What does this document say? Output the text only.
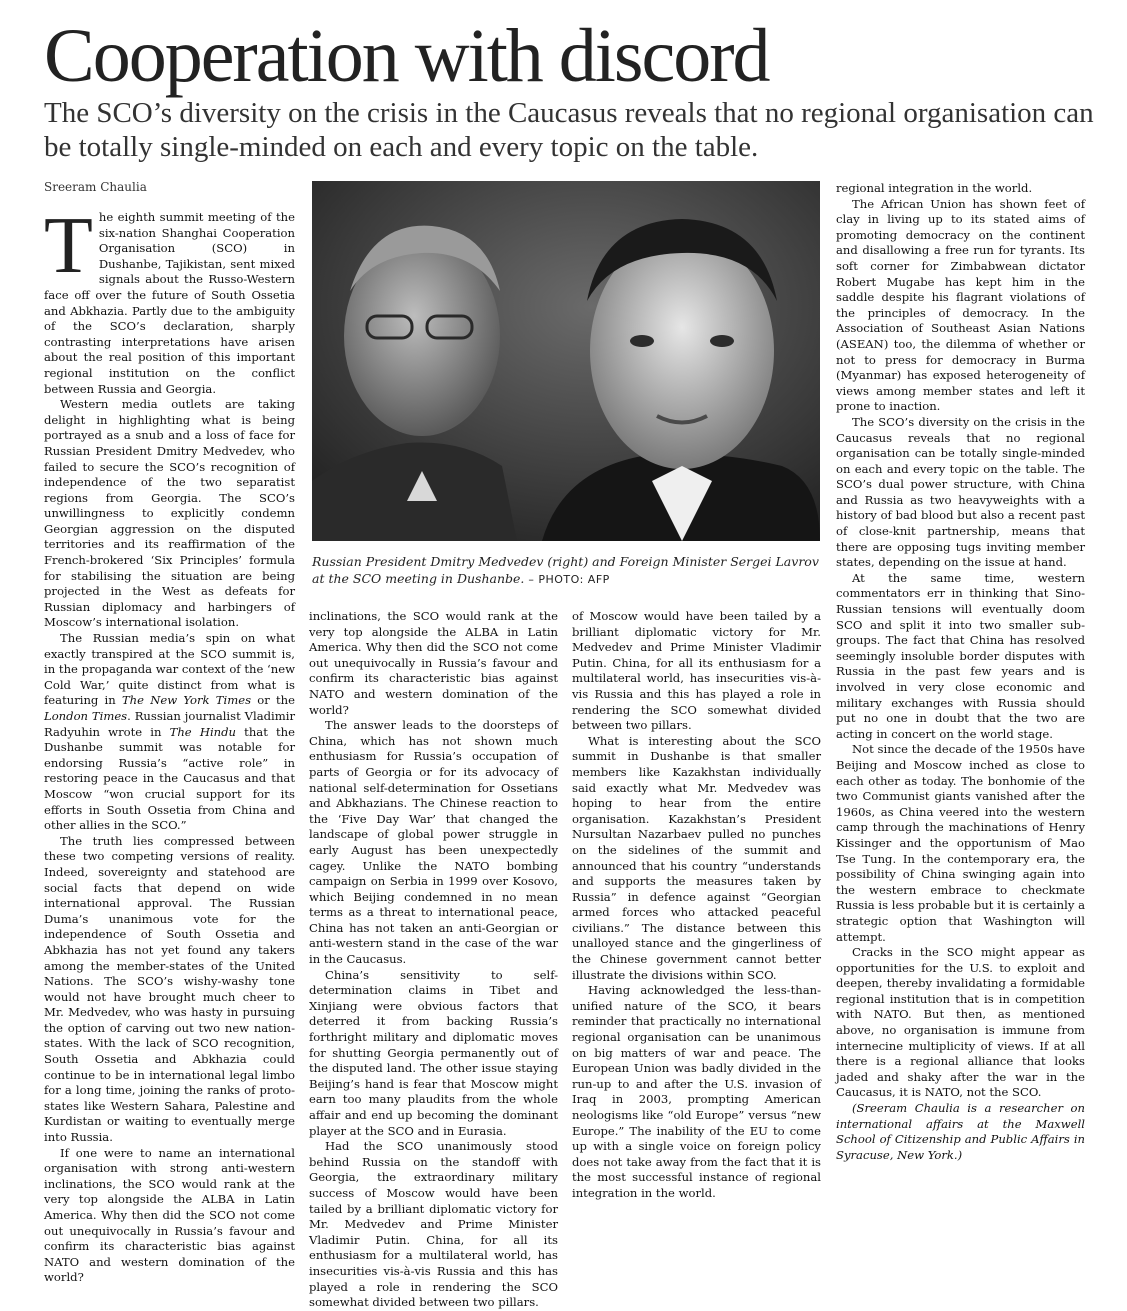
Cooperation with discord
The SCO’s diversity on the crisis in the Caucasus reveals that no regional organisation can be totally single-minded on each and every topic on the table.
Sreeram Chaulia

The eighth summit meeting of the six-nation Shanghai Cooperation Organisation (SCO) in Dushanbe, Tajikistan, sent mixed signals about the Russo-Western face off over the future of South Ossetia and Abkhazia. Partly due to the ambiguity of the SCO’s declaration, sharply contrasting interpretations have arisen about the real position of this important regional institution on the conflict between Russia and Georgia.

Western media outlets are taking delight in highlighting what is being portrayed as a snub and a loss of face for Russian President Dmitry Medvedev, who failed to secure the SCO’s recognition of independence of the two separatist regions from Georgia. The SCO’s unwillingness to explicitly condemn Georgian aggression on the disputed territories and its reaffirmation of the French-brokered ‘Six Principles’ formula for stabilising the situation are being projected in the West as defeats for Russian diplomacy and harbingers of Moscow’s international isolation.

The Russian media’s spin on what exactly transpired at the SCO summit is, in the propaganda war context of the ‘new Cold War,’ quite distinct from what is featuring in The New York Times or the London Times. Russian journalist Vladimir Radyuhin wrote in The Hindu that the Dushanbe summit was notable for endorsing Russia’s “active role” in restoring peace in the Caucasus and that Moscow “won crucial support for its efforts in South Ossetia from China and other allies in the SCO.”

The truth lies compressed between these two competing versions of reality. Indeed, sovereignty and statehood are social facts that depend on wide international approval. The Russian Duma’s unanimous vote for the independence of South Ossetia and Abkhazia has not yet found any takers among the member-states of the United Nations. The SCO’s wishy-washy tone would not have brought much cheer to Mr. Medvedev, who was hasty in pursuing the option of carving out two new nation-states. With the lack of SCO recognition, South Ossetia and Abkhazia could continue to be in international legal limbo for a long time, joining the ranks of proto-states like Western Sahara, Palestine and Kurdistan or waiting to eventually merge into Russia.

If one were to name an international organisation with strong anti-western inclinations, the SCO would rank at the very top alongside the ALBA in Latin America. Why then did the SCO not come out unequivocally in Russia’s favour and confirm its characteristic bias against NATO and western domination of the world?

Russian President Dmitry Medvedev (right) and Foreign Minister Sergei Lavrov at the SCO meeting in Dushanbe. – PHOTO: AFP

inclinations, the SCO would rank at the very top alongside the ALBA in Latin America. Why then did the SCO not come out unequivocally in Russia’s favour and confirm its characteristic bias against NATO and western domination of the world?

The answer leads to the doorsteps of China, which has not shown much enthusiasm for Russia’s occupation of parts of Georgia or for its advocacy of national self-determination for Ossetians and Abkhazians. The Chinese reaction to the ‘Five Day War’ that changed the landscape of global power struggle in early August has been unexpectedly cagey. Unlike the NATO bombing campaign on Serbia in 1999 over Kosovo, which Beijing condemned in no mean terms as a threat to international peace, China has not taken an anti-Georgian or anti-western stand in the case of the war in the Caucasus.

China’s sensitivity to self-determination claims in Tibet and Xinjiang were obvious factors that deterred it from backing Russia’s forthright military and diplomatic moves for shutting Georgia permanently out of the disputed land. The other issue staying Beijing’s hand is fear that Moscow might earn too many plaudits from the whole affair and end up becoming the dominant player at the SCO and in Eurasia.

Had the SCO unanimously stood behind Russia on the standoff with Georgia, the extraordinary military success of Moscow would have been tailed by a brilliant diplomatic victory for Mr. Medvedev and Prime Minister Vladimir Putin. China, for all its enthusiasm for a multilateral world, has insecurities vis-à-vis Russia and this has played a role in rendering the SCO somewhat divided between two pillars.

of Moscow would have been tailed by a brilliant diplomatic victory for Mr. Medvedev and Prime Minister Vladimir Putin. China, for all its enthusiasm for a multilateral world, has insecurities vis-à-vis Russia and this has played a role in rendering the SCO somewhat divided between two pillars.

What is interesting about the SCO summit in Dushanbe is that smaller members like Kazakhstan individually said exactly what Mr. Medvedev was hoping to hear from the entire organisation. Kazakhstan’s President Nursultan Nazarbaev pulled no punches on the sidelines of the summit and announced that his country “understands and supports the measures taken by Russia” in defence against “Georgian armed forces who attacked peaceful civilians.” The distance between this unalloyed stance and the gingerliness of the Chinese government cannot better illustrate the divisions within SCO.

Having acknowledged the less-than-unified nature of the SCO, it bears reminder that practically no international regional organisation can be unanimous on big matters of war and peace. The European Union was badly divided in the run-up to and after the U.S. invasion of Iraq in 2003, prompting American neologisms like “old Europe” versus “new Europe.” The inability of the EU to come up with a single voice on foreign policy does not take away from the fact that it is the most successful instance of regional integration in the world.

regional integration in the world.

The African Union has shown feet of clay in living up to its stated aims of promoting democracy on the continent and disallowing a free run for tyrants. Its soft corner for Zimbabwean dictator Robert Mugabe has kept him in the saddle despite his flagrant violations of the principles of democracy. In the Association of Southeast Asian Nations (ASEAN) too, the dilemma of whether or not to press for democracy in Burma (Myanmar) has exposed heterogeneity of views among member states and left it prone to inaction.

The SCO’s diversity on the crisis in the Caucasus reveals that no regional organisation can be totally single-minded on each and every topic on the table. The SCO’s dual power structure, with China and Russia as two heavyweights with a history of bad blood but also a recent past of close-knit partnership, means that there are opposing tugs inviting member states, depending on the issue at hand.

At the same time, western commentators err in thinking that Sino-Russian tensions will eventually doom SCO and split it into two smaller sub-groups. The fact that China has resolved seemingly insoluble border disputes with Russia in the past few years and is involved in very close economic and military exchanges with Russia should put no one in doubt that the two are acting in concert on the world stage.

Not since the decade of the 1950s have Beijing and Moscow inched as close to each other as today. The bonhomie of the two Communist giants vanished after the 1960s, as China veered into the western camp through the machinations of Henry Kissinger and the opportunism of Mao Tse Tung. In the contemporary era, the possibility of China swinging again into the western embrace to checkmate Russia is less probable but it is certainly a strategic option that Washington will attempt.

Cracks in the SCO might appear as opportunities for the U.S. to exploit and deepen, thereby invalidating a formidable regional institution that is in competition with NATO. But then, as mentioned above, no organisation is immune from internecine multiplicity of views. If at all there is a regional alliance that looks jaded and shaky after the war in the Caucasus, it is NATO, not the SCO.

(Sreeram Chaulia is a researcher on international affairs at the Maxwell School of Citizenship and Public Affairs in Syracuse, New York.)
